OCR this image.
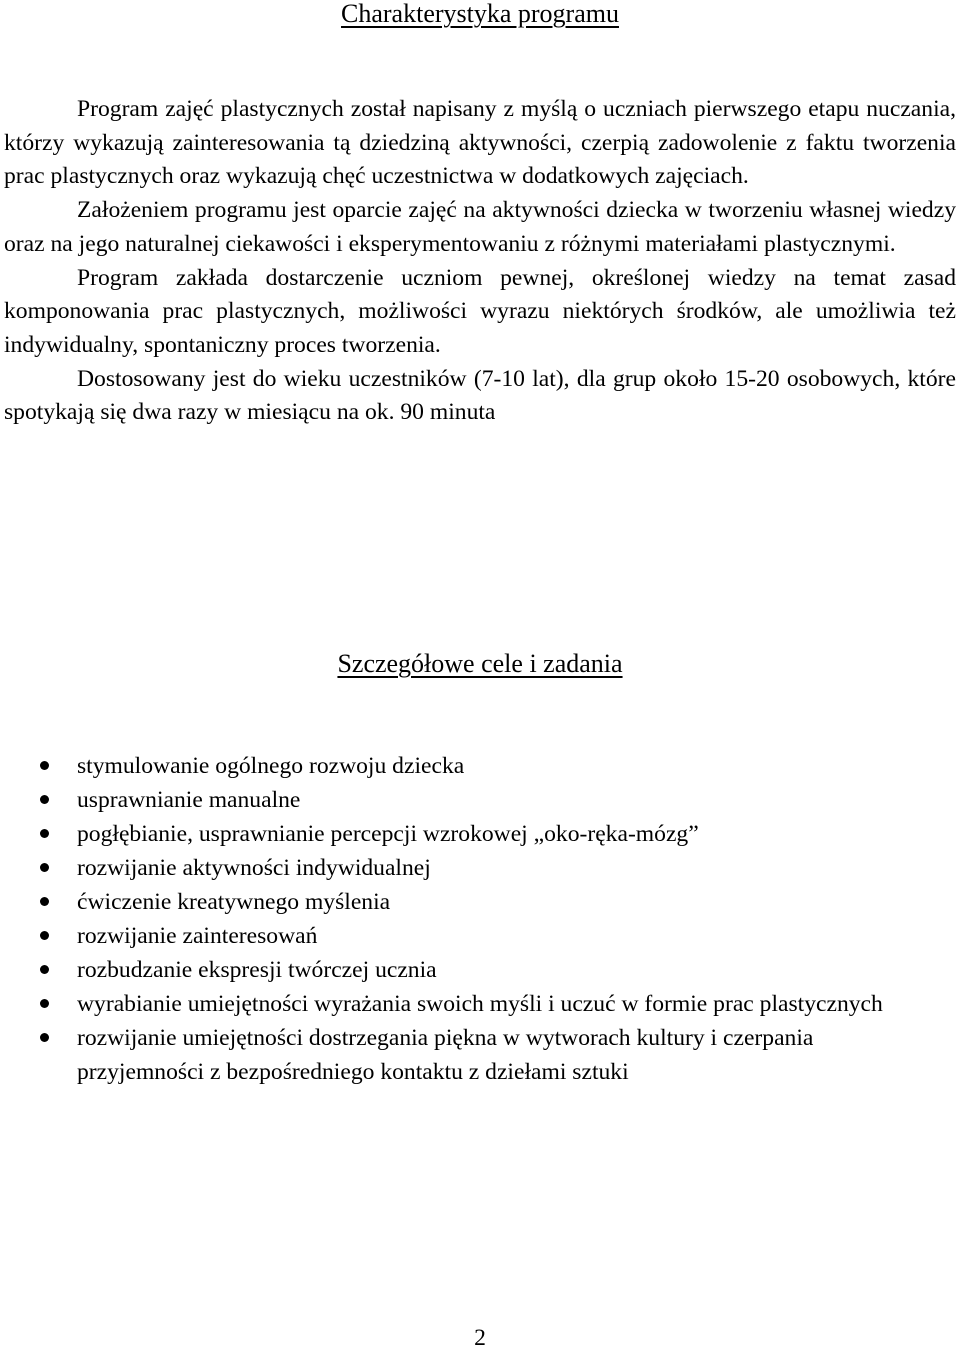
Charakterystyka programu

Program zajęć plastycznych został napisany z myślą o uczniach pierwszego etapu nuczania, którzy wykazują zainteresowania tą dziedziną aktywności, czerpią zadowolenie z faktu tworzenia prac plastycznych oraz wykazują chęć uczestnictwa w dodatkowych zajęciach.

Założeniem programu jest oparcie zajęć na aktywności dziecka w tworzeniu własnej wiedzy oraz na jego naturalnej ciekawości i eksperymentowaniu z różnymi materiałami plastycznymi.

Program zakłada dostarczenie uczniom pewnej, określonej wiedzy na temat zasad komponowania prac plastycznych, możliwości wyrazu niektórych środków, ale umożliwia też indywidualny, spontaniczny proces tworzenia.

Dostosowany jest do wieku uczestników (7-10 lat), dla grup około 15-20 osobowych, które spotykają się dwa razy w miesiącu na ok. 90 minuta

Szczegółowe cele i zadania
stymulowanie ogólnego rozwoju dziecka
usprawnianie manualne
pogłębianie, usprawnianie percepcji wzrokowej „oko-ręka-mózg”
rozwijanie aktywności indywidualnej
ćwiczenie kreatywnego myślenia
rozwijanie zainteresowań
rozbudzanie ekspresji twórczej ucznia
wyrabianie umiejętności wyrażania swoich myśli i uczuć w formie prac plastycznych
rozwijanie umiejętności dostrzegania piękna w wytworach kultury i czerpania przyjemności z bezpośredniego kontaktu z dziełami sztuki
2
